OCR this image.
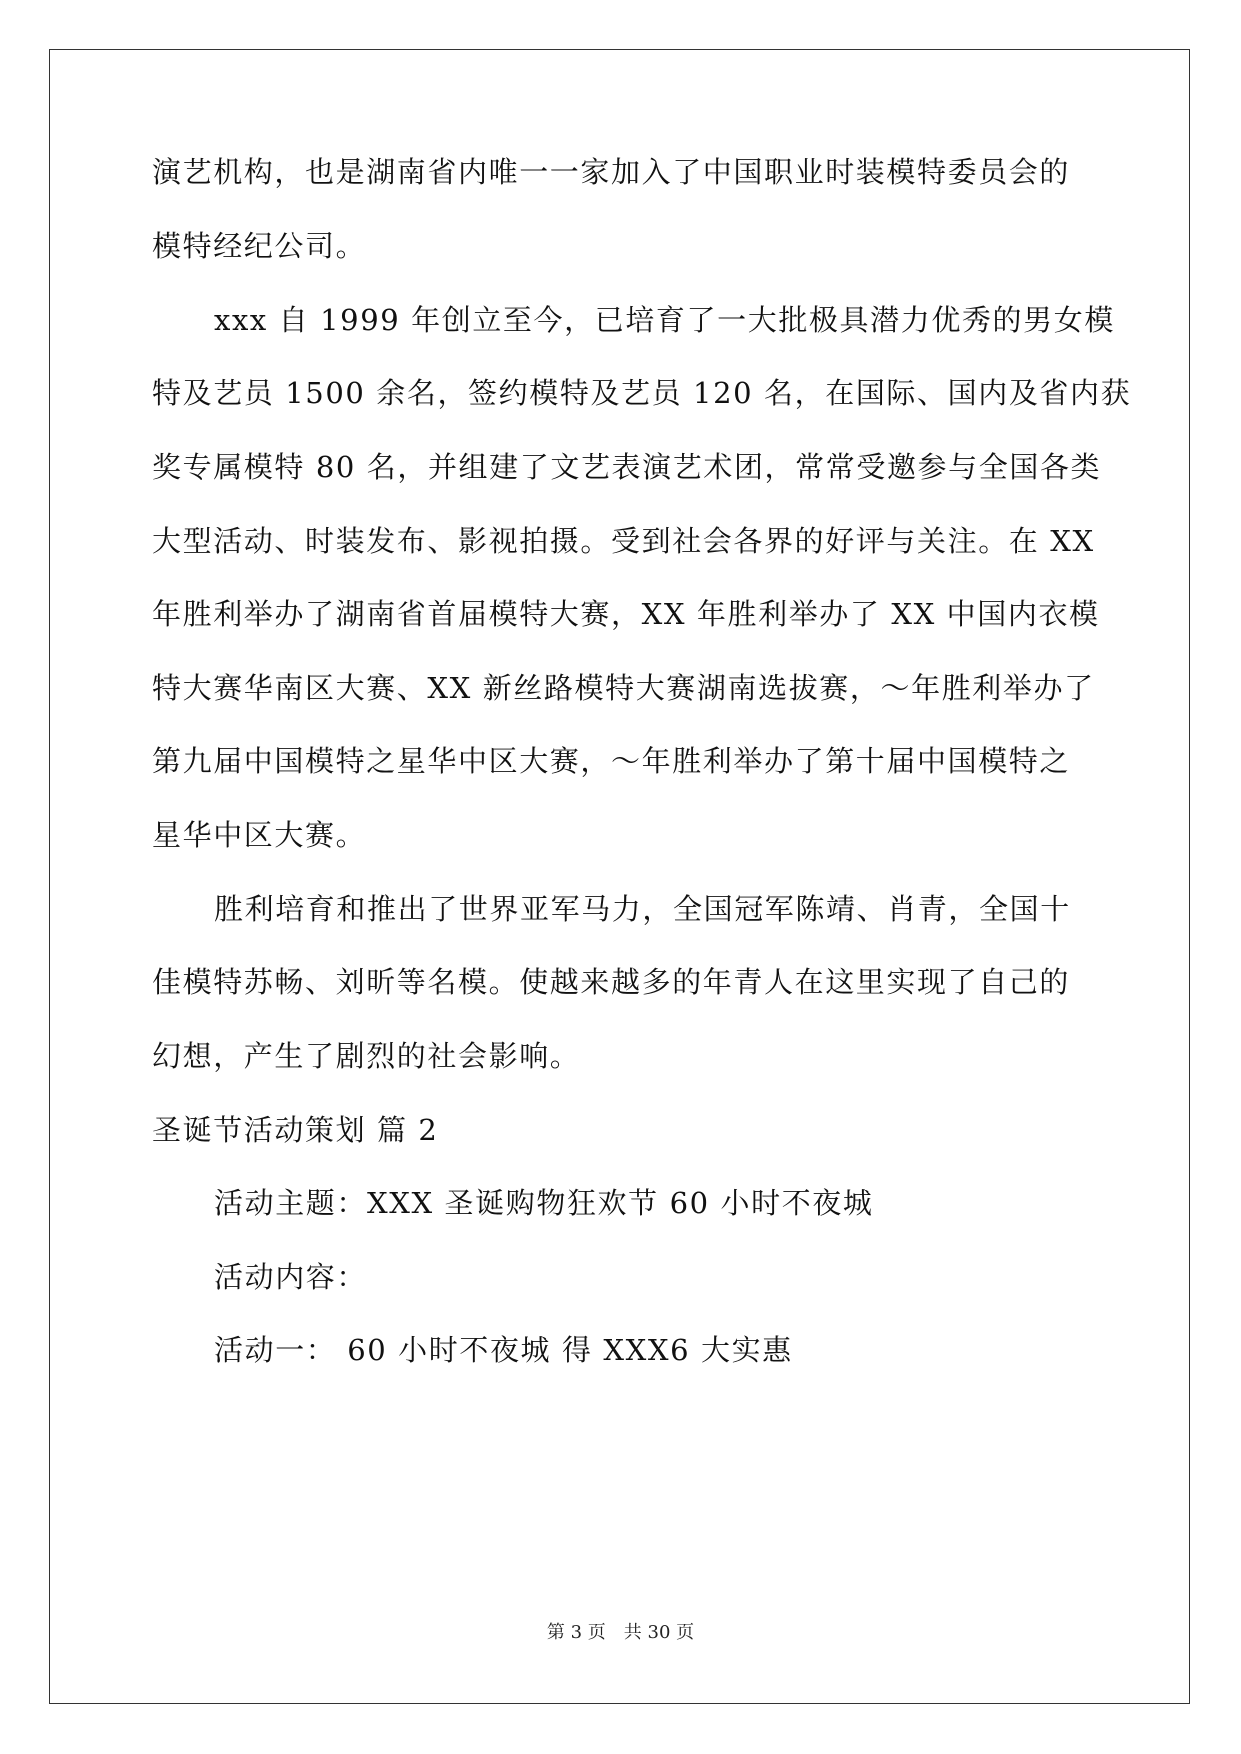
演艺机构，也是湖南省内唯一一家加入了中国职业时装模特委员会的
模特经纪公司。
xxx 自 1999 年创立至今，已培育了一大批极具潜力优秀的男女模
特及艺员 1500 余名，签约模特及艺员 120 名，在国际、国内及省内获
奖专属模特 80 名，并组建了文艺表演艺术团，常常受邀参与全国各类
大型活动、时装发布、影视拍摄。受到社会各界的好评与关注。在 XX
年胜利举办了湖南省首届模特大赛，XX 年胜利举办了 XX 中国内衣模
特大赛华南区大赛、XX 新丝路模特大赛湖南选拔赛，～年胜利举办了
第九届中国模特之星华中区大赛，～年胜利举办了第十届中国模特之
星华中区大赛。
胜利培育和推出了世界亚军马力，全国冠军陈靖、肖青，全国十
佳模特苏畅、刘昕等名模。使越来越多的年青人在这里实现了自己的
幻想，产生了剧烈的社会影响。
圣诞节活动策划 篇 2
活动主题：XXX 圣诞购物狂欢节 60 小时不夜城
活动内容：
活动一： 60 小时不夜城 得 XXX6 大实惠
第 3 页　共 30 页
